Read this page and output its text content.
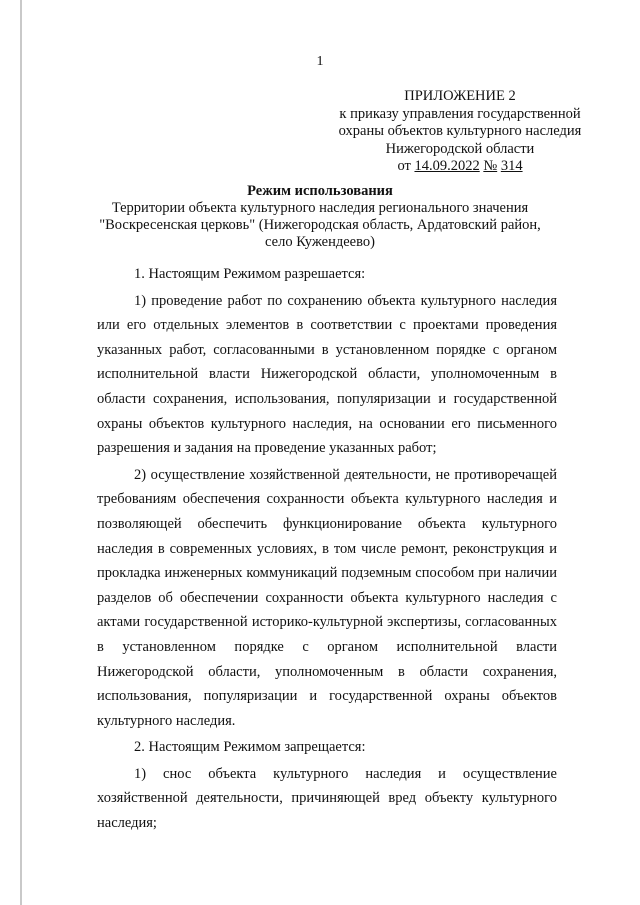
1
ПРИЛОЖЕНИЕ 2
к приказу управления государственной
охраны объектов культурного наследия
Нижегородской области
от 14.09.2022 № 314
Режим использования
Территории объекта культурного наследия регионального значения
"Воскресенская церковь" (Нижегородская область, Ардатовский район,
село Кужендеево)

1. Настоящим Режимом разрешается:

1) проведение работ по сохранению объекта культурного наследия или его отдельных элементов в соответствии с проектами проведения указанных работ, согласованными в установленном порядке с органом исполнительной власти Нижегородской области, уполномоченным в области сохранения, использования, популяризации и государственной охраны объектов культурного наследия, на основании его письменного разрешения и задания на проведение указанных работ;

2) осуществление хозяйственной деятельности, не противоречащей требованиям обеспечения сохранности объекта культурного наследия и позволяющей обеспечить функционирование объекта культурного наследия в современных условиях, в том числе ремонт, реконструкция и прокладка инженерных коммуникаций подземным способом при наличии разделов об обеспечении сохранности объекта культурного наследия с актами государственной историко-культурной экспертизы, согласованных в установленном порядке с органом исполнительной власти Нижегородской области, уполномоченным в области сохранения, использования, популяризации и государственной охраны объектов культурного наследия.

2. Настоящим Режимом запрещается:

1) снос объекта культурного наследия и осуществление хозяйственной деятельности, причиняющей вред объекту культурного наследия;
